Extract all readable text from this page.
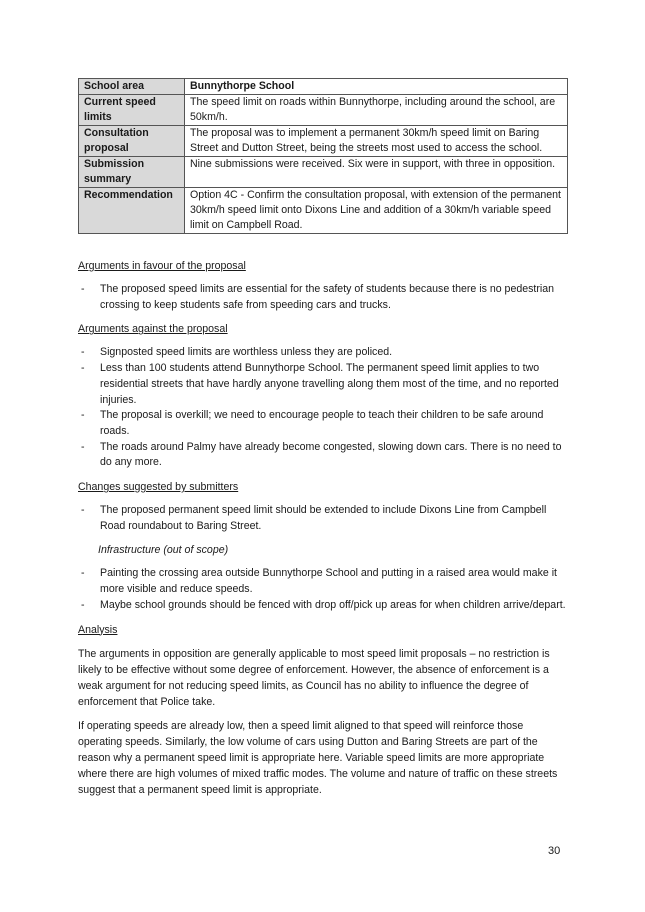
School area	Bunnythorpe School
Current speed limits	The speed limit on roads within Bunnythorpe, including around the school, are 50km/h.
Consultation proposal	The proposal was to implement a permanent 30km/h speed limit on Baring Street and Dutton Street, being the streets most used to access the school.
Submission summary	Nine submissions were received. Six were in support, with three in opposition.
Recommendation	Option 4C - Confirm the consultation proposal, with extension of the permanent 30km/h speed limit onto Dixons Line and addition of a 30km/h variable speed limit on Campbell Road.

Arguments in favour of the proposal

- The proposed speed limits are essential for the safety of students because there is no pedestrian crossing to keep students safe from speeding cars and trucks.

Arguments against the proposal

- Signposted speed limits are worthless unless they are policed.
- Less than 100 students attend Bunnythorpe School. The permanent speed limit applies to two residential streets that have hardly anyone travelling along them most of the time, and no reported injuries.
- The proposal is overkill; we need to encourage people to teach their children to be safe around roads.
- The roads around Palmy have already become congested, slowing down cars. There is no need to do any more.

Changes suggested by submitters

- The proposed permanent speed limit should be extended to include Dixons Line from Campbell Road roundabout to Baring Street.

Infrastructure (out of scope)

- Painting the crossing area outside Bunnythorpe School and putting in a raised area would make it more visible and reduce speeds.
- Maybe school grounds should be fenced with drop off/pick up areas for when children arrive/depart.

Analysis

The arguments in opposition are generally applicable to most speed limit proposals – no restriction is likely to be effective without some degree of enforcement. However, the absence of enforcement is a weak argument for not reducing speed limits, as Council has no ability to influence the degree of enforcement that Police take.

If operating speeds are already low, then a speed limit aligned to that speed will reinforce those operating speeds. Similarly, the low volume of cars using Dutton and Baring Streets are part of the reason why a permanent speed limit is appropriate here. Variable speed limits are more appropriate where there are high volumes of mixed traffic modes. The volume and nature of traffic on these streets suggest that a permanent speed limit is appropriate.

30
